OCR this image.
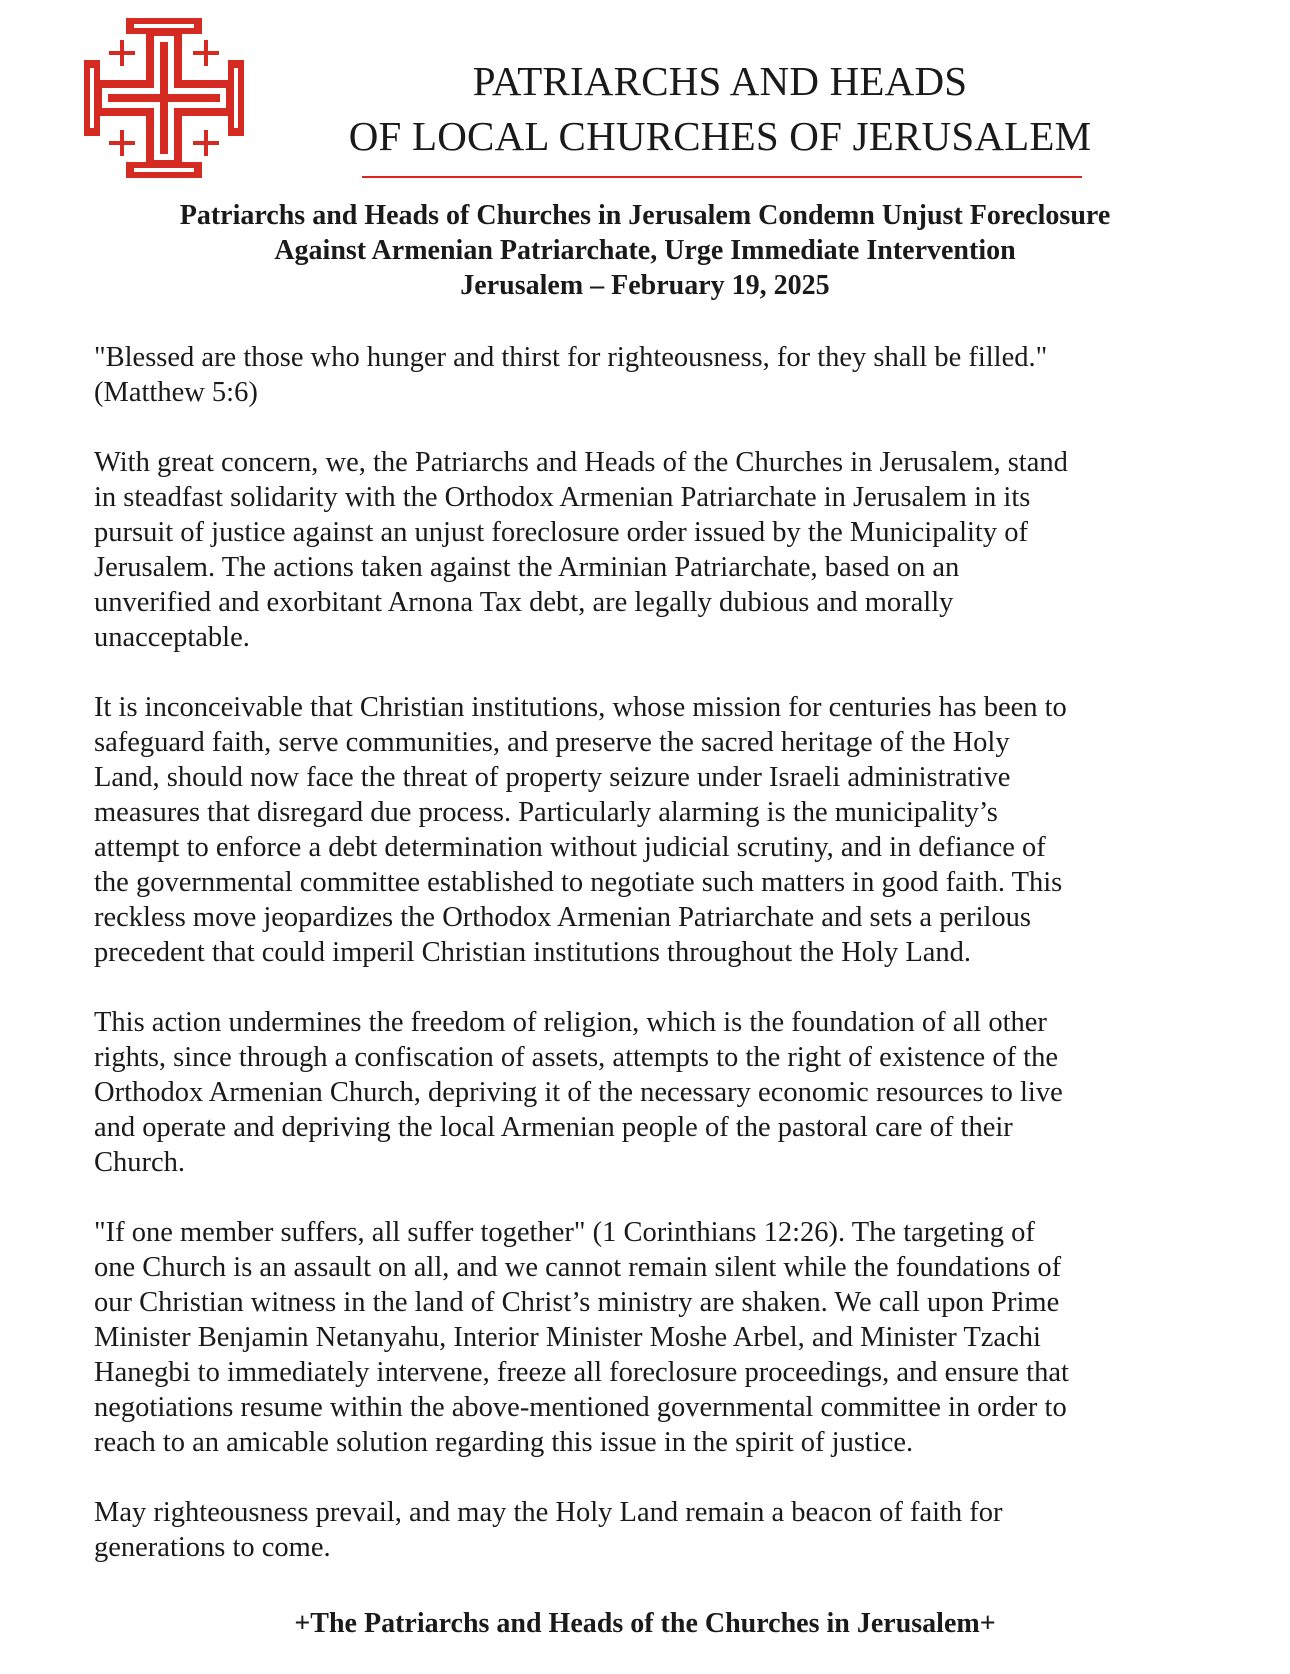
PATRIARCHS AND HEADS
OF LOCAL CHURCHES OF JERUSALEM
Patriarchs and Heads of Churches in Jerusalem Condemn Unjust Foreclosure
Against Armenian Patriarchate, Urge Immediate Intervention
Jerusalem – February 19, 2025
"Blessed are those who hunger and thirst for righteousness, for they shall be filled."
(Matthew 5:6)
With great concern, we, the Patriarchs and Heads of the Churches in Jerusalem, stand
in steadfast solidarity with the Orthodox Armenian Patriarchate in Jerusalem in its
pursuit of justice against an unjust foreclosure order issued by the Municipality of
Jerusalem. The actions taken against the Arminian Patriarchate, based on an
unverified and exorbitant Arnona Tax debt, are legally dubious and morally
unacceptable.
It is inconceivable that Christian institutions, whose mission for centuries has been to
safeguard faith, serve communities, and preserve the sacred heritage of the Holy
Land, should now face the threat of property seizure under Israeli administrative
measures that disregard due process. Particularly alarming is the municipality’s
attempt to enforce a debt determination without judicial scrutiny, and in defiance of
the governmental committee established to negotiate such matters in good faith. This
reckless move jeopardizes the Orthodox Armenian Patriarchate and sets a perilous
precedent that could imperil Christian institutions throughout the Holy Land.
This action undermines the freedom of religion, which is the foundation of all other
rights, since through a confiscation of assets, attempts to the right of existence of the
Orthodox Armenian Church, depriving it of the necessary economic resources to live
and operate and depriving the local Armenian people of the pastoral care of their
Church.
"If one member suffers, all suffer together" (1 Corinthians 12:26). The targeting of
one Church is an assault on all, and we cannot remain silent while the foundations of
our Christian witness in the land of Christ’s ministry are shaken. We call upon Prime
Minister Benjamin Netanyahu, Interior Minister Moshe Arbel, and Minister Tzachi
Hanegbi to immediately intervene, freeze all foreclosure proceedings, and ensure that
negotiations resume within the above-mentioned governmental committee in order to
reach to an amicable solution regarding this issue in the spirit of justice.
May righteousness prevail, and may the Holy Land remain a beacon of faith for
generations to come.
+The Patriarchs and Heads of the Churches in Jerusalem+
